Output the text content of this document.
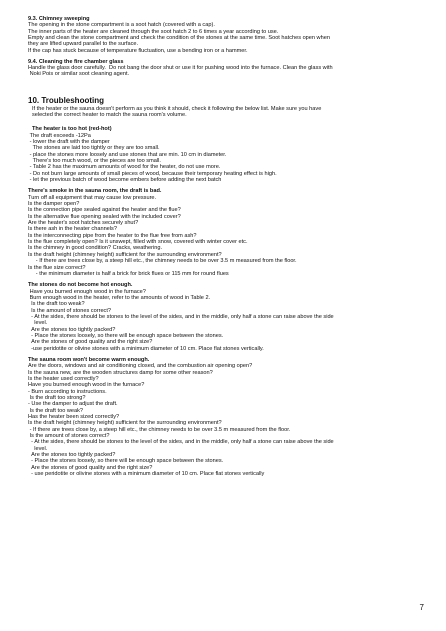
9.3. Chimney sweeping

The opening in the stone compartment is a soot hatch (covered with a cap).

The inner parts of the heater are cleaned through the soot hatch 2 to 6 times a year according to use.

Empty and clean the stone compartment and check the condition of the stones at the same time. Soot hatches open when

they are lifted upward parallel to the surface.

If the cap has stuck because of temperature fluctuation, use a bending iron or a hammer.

9.4. Cleaning the fire chamber glass

Handle the glass door carefully.  Do not bang the door shut or use it for pushing wood into the furnace. Clean the glass with

Noki Pois or similar soot cleaning agent.

10. Troubleshooting

If the heater or the sauna doesn't perform as you think it should, check it following the below list. Make sure you have

selected the correct heater to match the sauna room's volume.

The heater is too hot (red-hot)

The draft exceeds -12Pa

- lower the draft with the damper

The stones are laid too tightly or they are too small.

- place the stones more loosely and use stones that are min. 10 cm in diameter.

There's too much wood, or the pieces are too small.

- Table 2 has the maximum amounts of wood for the heater, do not use more.

- Do not burn large amounts of small pieces of wood, because their temporary heating effect is high.

- let the previous batch of wood become embers before adding the next batch

There's smoke in the sauna room, the draft is bad.

Turn off all equipment that may cause low pressure.

Is the damper open?

Is the connection pipe sealed against the heater and the flue?

Is the alternative flue opening sealed with the included cover?

Are the heater's soot hatches securely shut?

Is there ash in the heater channels?

Is the interconnecting pipe from the heater to the flue free from ash?

Is the flue completely open? Is it unswept, filled with snow, covered with winter cover etc.

Is the chimney in good condition? Cracks, weathering.

Is the draft height (chimney height) sufficient for the surrounding environment?

- If there are trees close by, a steep hill etc., the chimney needs to be over 3.5 m measured from the floor.

Is the flue size correct?

- the minimum diameter is half a brick for brick flues or 115 mm for round flues

The stones do not become hot enough.

Have you burned enough wood in the furnace?

Burn enough wood in the heater, refer to the amounts of wood in Table 2.

Is the draft too weak?

Is the amount of stones correct?

- At the sides, there should be stones to the level of the sides, and in the middle, only half a stone can raise above the side

level.

Are the stones too tightly packed?

- Place the stones loosely, so there will be enough space between the stones.

Are the stones of good quality and the right size?

-use peridotite or olivine stones with a minimum diameter of 10 cm. Place flat stones vertically.

The sauna room won't become warm enough.

Are the doors, windows and air conditioning closed, and the combustion air opening open?

Is the sauna new, are the wooden structures damp for some other reason?

Is the heater used correctly?

Have you burned enough wood in the furnace?

- Burn according to instructions.

Is the draft too strong?

- Use the damper to adjust the draft.

Is the draft too weak?

Has the heater been sized correctly?

Is the draft height (chimney height) sufficient for the surrounding environment?

- If there are trees close by, a steep hill etc., the chimney needs to be over 3.5 m measured from the floor.

Is the amount of stones correct?

- At the sides, there should be stones to the level of the sides, and in the middle, only half a stone can raise above the side

level.

Are the stones too tightly packed?

- Place the stones loosely, so there will be enough space between the stones.

Are the stones of good quality and the right size?

- use peridotite or olivine stones with a minimum diameter of 10 cm. Place flat stones vertically

7
